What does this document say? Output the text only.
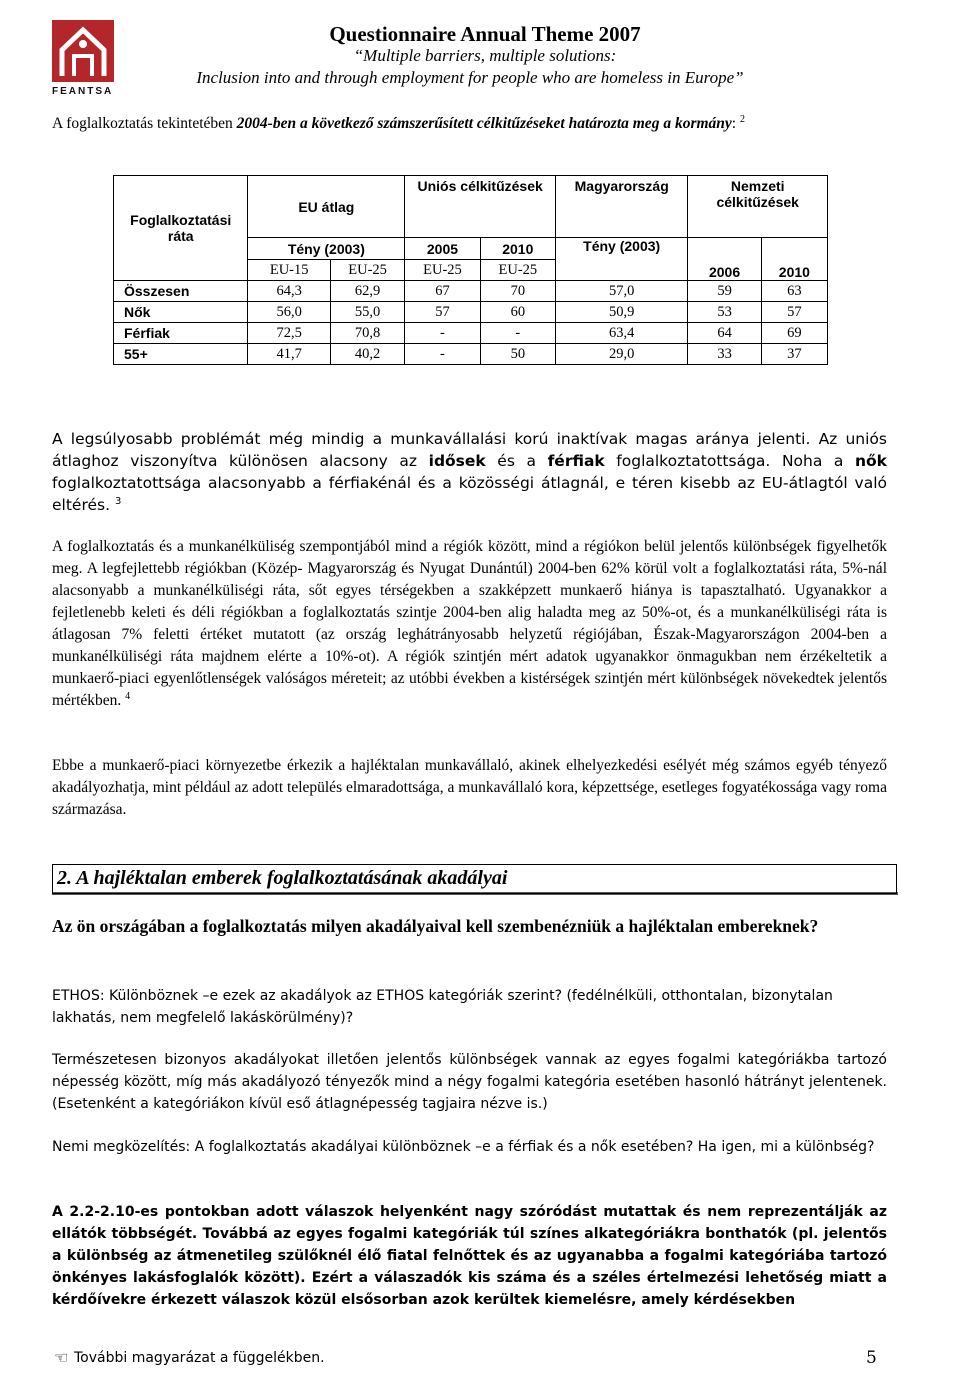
FEANTSA
Questionnaire Annual Theme 2007
“Multiple barriers, multiple solutions:
Inclusion into and through employment for people who are homeless in Europe”

A foglalkoztatás tekintetében 2004-ben a következő számszerűsített célkitűzéseket határozta meg a kormány: $^2$

Foglalkoztatási ráta	EU átlag		Uniós célkitűzések		Magyarország	Nemzeti célkitűzések	
	Tény (2003)		2005	2010	Tény (2003)	2006	2010
	EU-15	EU-25	EU-25	EU-25			
Összesen	64,3	62,9	67	70	57,0	59	63
Nők	56,0	55,0	57	60	50,9	53	57
Férfiak	72,5	70,8	-	-	63,4	64	69
55+	41,7	40,2	-	50	29,0	33	37

A legsúlyosabb problémát még mindig a munkavállalási korú inaktívak magas aránya jelenti. Az uniós átlaghoz viszonyítva különösen alacsony az idősek és a férfiak foglalkoztatottsága. Noha a nők foglalkoztatottsága alacsonyabb a férfiakénál és a közösségi átlagnál, e téren kisebb az EU-átlagtól való eltérés. $^3$

A foglalkoztatás és a munkanélküliség szempontjából mind a régiók között, mind a régiókon belül jelentős különbségek figyelhetők meg. A legfejlettebb régiókban (Közép- Magyarország és Nyugat Dunántúl) 2004-ben 62% körül volt a foglalkoztatási ráta, 5%-nál alacsonyabb a munkanélküliségi ráta, sőt egyes térségekben a szakképzett munkaerő hiánya is tapasztalható. Ugyanakkor a fejletlenebb keleti és déli régiókban a foglalkoztatás szintje 2004-ben alig haladta meg az 50%-ot, és a munkanélküliségi ráta is átlagosan 7% feletti értéket mutatott (az ország leghátrányosabb helyzetű régiójában, Észak-Magyarországon 2004-ben a munkanélküliségi ráta majdnem elérte a 10%-ot). A régiók szintjén mért adatok ugyanakkor önmagukban nem érzékeltetik a munkaerő-piaci egyenlőtlenségek valóságos méreteit; az utóbbi években a kistérségek szintjén mért különbségek növekedtek jelentős mértékben. $^4$

Ebbe a munkaerő-piaci környezetbe érkezik a hajléktalan munkavállaló, akinek elhelyezkedési esélyét még számos egyéb tényező akadályozhatja, mint például az adott település elmaradottsága, a munkavállaló kora, képzettsége, esetleges fogyatékossága vagy roma származása.

2. A hajléktalan emberek foglalkoztatásának akadályai

Az ön országában a foglalkoztatás milyen akadályaival kell szembenézniük a hajléktalan embereknek?

ETHOS: Különböznek –e ezek az akadályok az ETHOS kategóriák szerint? (fedélnélküli, otthontalan, bizonytalan lakhatás, nem megfelelő lakáskörülmény)?

Természetesen bizonyos akadályokat illetően jelentős különbségek vannak az egyes fogalmi kategóriákba tartozó népesség között, míg más akadályozó tényezők mind a négy fogalmi kategória esetében hasonló hátrányt jelentenek. (Esetenként a kategóriákon kívül eső átlagnépesség tagjaira nézve is.)

Nemi megközelítés: A foglalkoztatás akadályai különböznek –e a férfiak és a nők esetében? Ha igen, mi a különbség?

A 2.2-2.10-es pontokban adott válaszok helyenként nagy szóródást mutattak és nem reprezentálják az ellátók többségét. Továbbá az egyes fogalmi kategóriák túl színes alkategóriákra bonthatók (pl. jelentős a különbség az átmenetileg szülőknél élő fiatal felnőttek és az ugyanabba a fogalmi kategóriába tartozó önkényes lakásfoglalók között). Ezért a válaszadók kis száma és a széles értelmezési lehetőség miatt a kérdőívekre érkezett válaszok közül elsősorban azok kerültek kiemelésre, amely kérdésekben

☜ További magyarázat a függelékben.	5
